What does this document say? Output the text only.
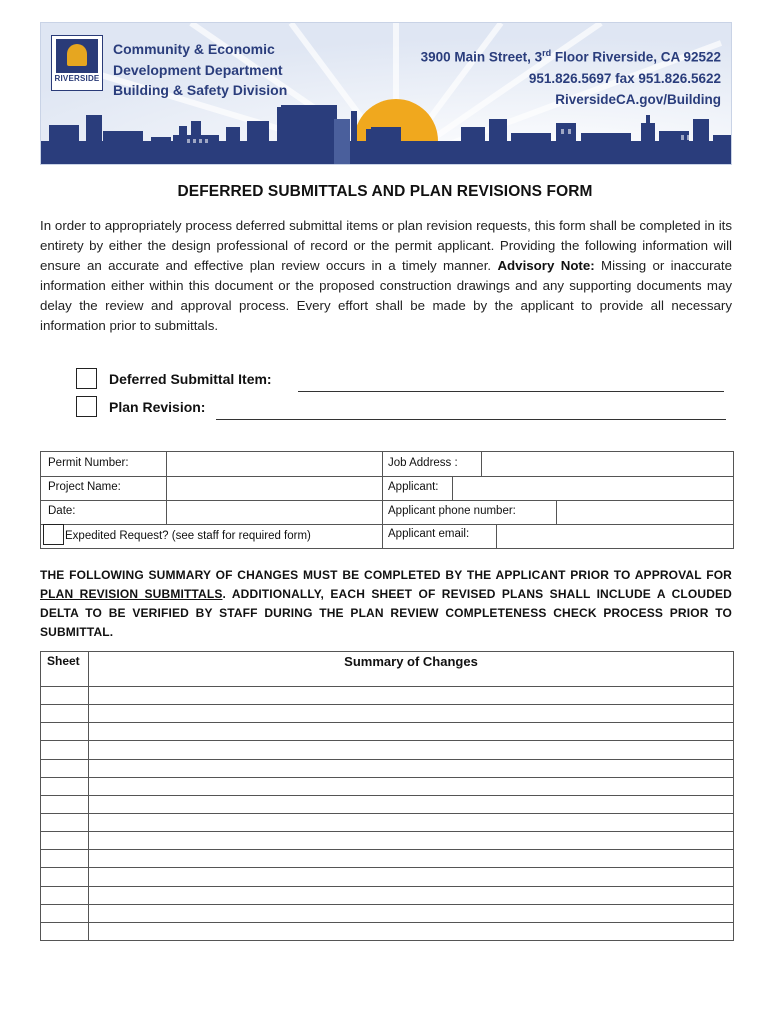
RIVERSIDE
Community & Economic
Development Department
Building & Safety Division
3900 Main Street, 3rd Floor Riverside, CA 92522
951.826.5697 fax 951.826.5622
RiversideCA.gov/Building
DEFERRED SUBMITTALS AND PLAN REVISIONS FORM
In order to appropriately process deferred submittal items or plan revision requests, this form shall be completed in its entirety by either the design professional of record or the permit applicant. Providing the following information will ensure an accurate and effective plan review occurs in a timely manner. Advisory Note: Missing or inaccurate information either within this document or the proposed construction drawings and any supporting documents may delay the review and approval process. Every effort shall be made by the applicant to provide all necessary information prior to submittals.
Deferred Submittal Item:
Plan Revision:
Permit Number:
Project Name:
Date:
Expedited Request? (see staff for required form)
Job Address :
Applicant:
Applicant phone number:
Applicant email:
THE FOLLOWING SUMMARY OF CHANGES MUST BE COMPLETED BY THE APPLICANT PRIOR TO APPROVAL FOR PLAN REVISION SUBMITTALS. ADDITIONALLY, EACH SHEET OF REVISED PLANS SHALL INCLUDE A CLOUDED DELTA TO BE VERIFIED BY STAFF DURING THE PLAN REVIEW COMPLETENESS CHECK PROCESS PRIOR TO SUBMITTAL.
Sheet	Summary of Changes
